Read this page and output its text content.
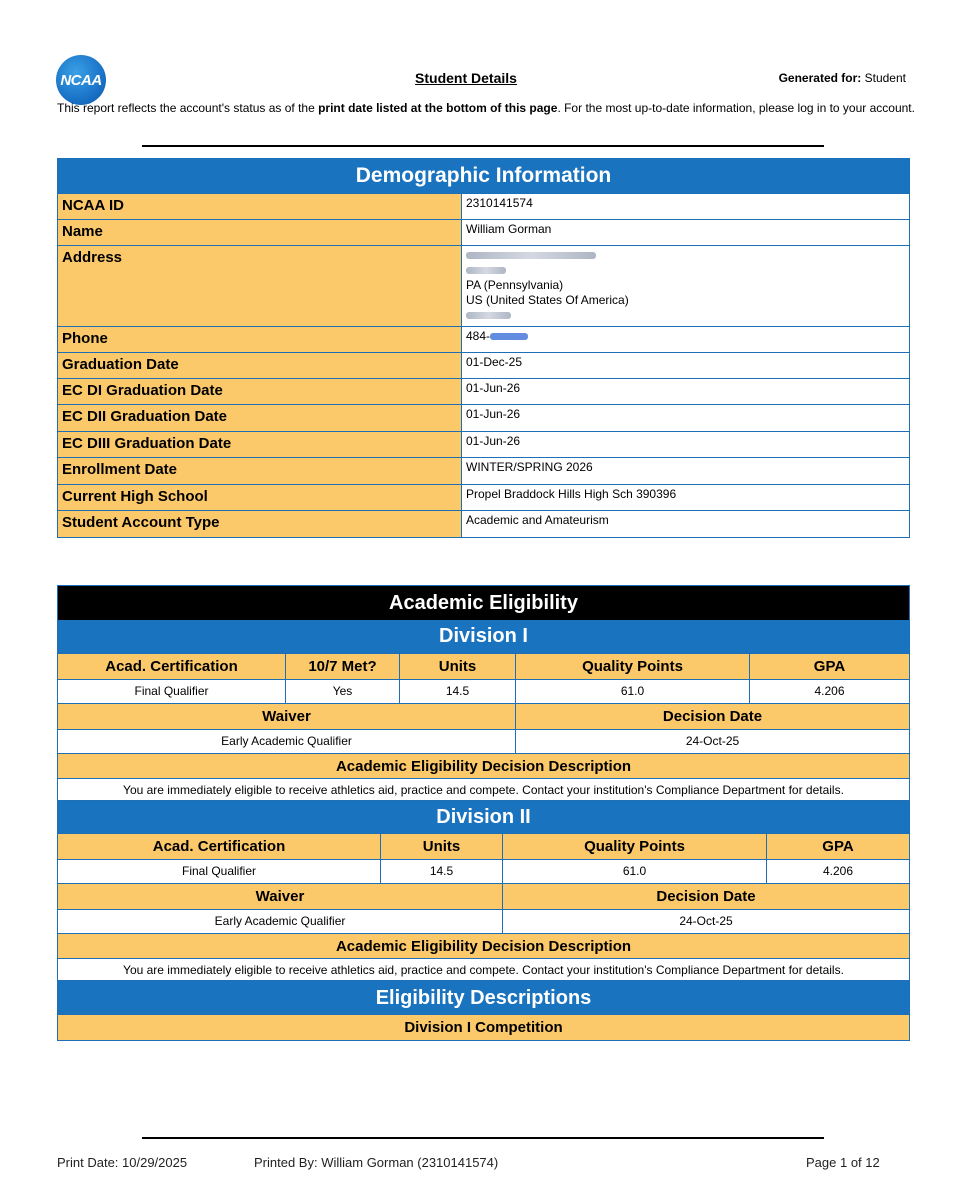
NCAA	Student Details	Generated for: Student
This report reflects the account's status as of the print date listed at the bottom of this page. For the most up-to-date information, please log in to your account.
Demographic Information
NCAA ID	2310141574
Name	William Gorman
Address
PA (Pennsylvania)
US (United States Of America)
Phone	484-
Graduation Date	01-Dec-25
EC DI Graduation Date	01-Jun-26
EC DII Graduation Date	01-Jun-26
EC DIII Graduation Date	01-Jun-26
Enrollment Date	WINTER/SPRING 2026
Current High School	Propel Braddock Hills High Sch 390396
Student Account Type	Academic and Amateurism
Academic Eligibility
Division I
Acad. Certification	10/7 Met?	Units	Quality Points	GPA
Final Qualifier	Yes	14.5	61.0	4.206
Waiver	Decision Date
Early Academic Qualifier	24-Oct-25
Academic Eligibility Decision Description
You are immediately eligible to receive athletics aid, practice and compete. Contact your institution's Compliance Department for details.
Division II
Acad. Certification	Units	Quality Points	GPA
Final Qualifier	14.5	61.0	4.206
Waiver	Decision Date
Early Academic Qualifier	24-Oct-25
Academic Eligibility Decision Description
You are immediately eligible to receive athletics aid, practice and compete. Contact your institution's Compliance Department for details.
Eligibility Descriptions
Division I Competition
Print Date: 10/29/2025	Printed By: William Gorman (2310141574)	Page 1 of 12
